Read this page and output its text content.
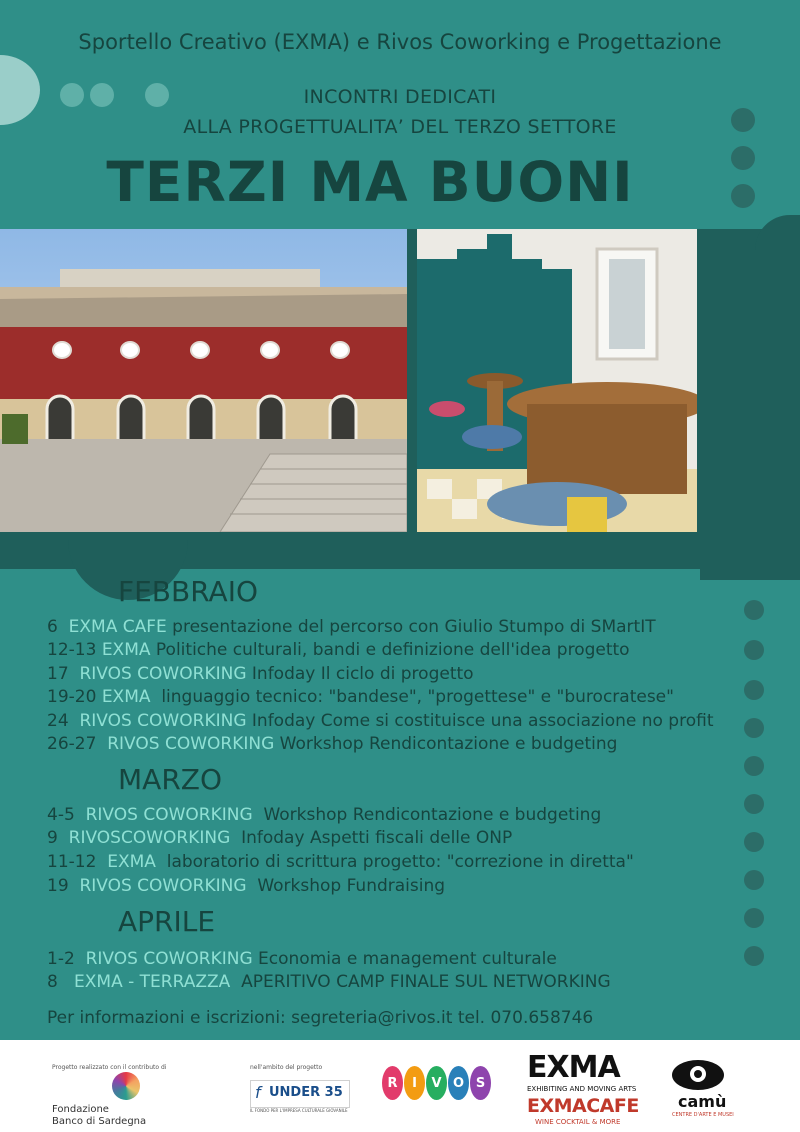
Sportello Creativo (EXMA) e Rivos Coworking e Progettazione
INCONTRI DEDICATI
ALLA PROGETTUALITA’ DEL TERZO SETTORE
TERZI MA BUONI
FEBBRAIO
6 EXMA CAFE presentazione del percorso con Giulio Stumpo di SMartIT
12-13 EXMA Politiche culturali, bandi e definizione dell'idea progetto
17 RIVOS COWORKING Infoday Il ciclo di progetto
19-20 EXMA linguaggio tecnico: "bandese", "progettese" e "burocratese"
24 RIVOS COWORKING Infoday Come si costituisce una associazione no profit
26-27 RIVOS COWORKING Workshop Rendicontazione e budgeting
MARZO
4-5 RIVOS COWORKING Workshop Rendicontazione e budgeting
9 RIVOSCOWORKING Infoday Aspetti fiscali delle ONP
11-12 EXMA laboratorio di scrittura progetto: "correzione in diretta"
19 RIVOS COWORKING Workshop Fundraising
APRILE
1-2 RIVOS COWORKING Economia e management culturale
8 EXMA - TERRAZZA APERITIVO CAMP FINALE SUL NETWORKING
Per informazioni e iscrizioni: segreteria@rivos.it tel. 070.658746
Progetto realizzato con il contributo di
Fondazione
Banco di Sardegna
nell'ambito del progetto
f UNDER 35
IL FONDO PER L'IMPRESA CULTURALE GIOVANILE
R	I	V O S EXMA
EXHIBITING AND MOVING ARTS
EXMACAFE
WINE COCKTAIL & MORE
camù
CENTRE D'ARTE E MUSEI
